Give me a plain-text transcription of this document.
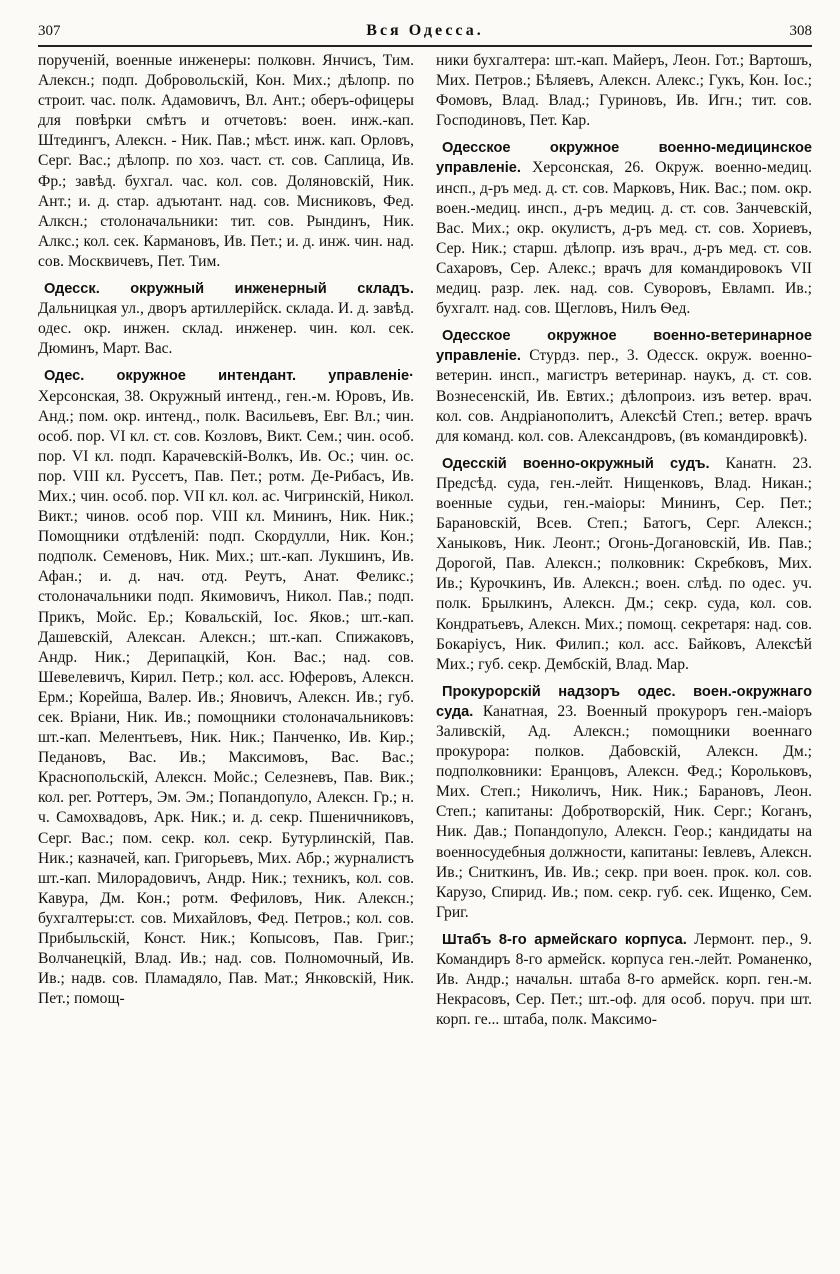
307	Вся Одесса.	308

порученій, военные инженеры: полковн. Янчисъ, Тим. Алексн.; подп. Добровольскій, Кон. Мих.; дѣлопр. по строит. час. полк. Адамовичъ, Вл. Ант.; оберъ-офицеры для повѣрки смѣтъ и отчетовъ: воен. инж.-кап. Штедингъ, Алексн. - Ник. Пав.; мѣст. инж. кап. Орловъ, Серг. Вас.; дѣлопр. по хоз. част. ст. сов. Саплица, Ив. Фр.; завѣд. бухгал. час. кол. сов. Доляновскій, Ник. Ант.; и. д. стар. адъютант. над. сов. Мисниковъ, Фед. Алксн.; столоначальники: тит. сов. Рындинъ, Ник. Алкс.; кол. сек. Кармановъ, Ив. Пет.; и. д. инж. чин. над. сов. Москвичевъ, Пет. Тим.

Одесск. окружный инженерный складъ. Дальницкая ул., дворъ артиллерійск. склада. И. д. завѣд. одес. окр. инжен. склад. инженер. чин. кол. сек. Дюминъ, Март. Вас.

Одес. окружное интендант. управленіе· Херсонская, 38. Окружный интенд., ген.-м. Юровъ, Ив. Анд.; пом. окр. интенд., полк. Васильевъ, Евг. Вл.; чин. особ. пор. VI кл. ст. сов. Козловъ, Викт. Сем.; чин. особ. пор. VI кл. подп. Карачевскій-Волкъ, Ив. Ос.; чин. ос. пор. VIII кл. Руссетъ, Пав. Пет.; ротм. Де-Рибасъ, Ив. Мих.; чин. особ. пор. VII кл. кол. ас. Чигринскій, Никол. Викт.; чинов. особ пор. VIII кл. Мининъ, Ник. Ник.; Помощники отдѣленій: подп. Скордулли, Ник. Кон.; подполк. Семеновъ, Ник. Мих.; шт.-кап. Лукшинъ, Ив. Афан.; и. д. нач. отд. Реутъ, Анат. Феликс.; столоначальники подп. Якимовичъ, Никол. Пав.; подп. Прикъ, Мойс. Ер.; Ковальскій, Іос. Яков.; шт.-кап. Дашевскій, Алексан. Алексн.; шт.-кап. Спижаковъ, Андр. Ник.; Дерипацкій, Кон. Вас.; над. сов. Шевелевичъ, Кирил. Петр.; кол. асс. Юферовъ, Алексн. Ерм.; Корейша, Валер. Ив.; Яновичъ, Алексн. Ив.; губ. сек. Вріани, Ник. Ив.; помощники столоначальниковъ: шт.-кап. Мелентьевъ, Ник. Ник.; Панченко, Ив. Кир.; Педановъ, Вас. Ив.; Максимовъ, Вас. Вас.; Краснопольскій, Алексн. Мойс.; Селезневъ, Пав. Вик.; кол. рег. Роттеръ, Эм. Эм.; Попандопуло, Алексн. Гр.; н. ч. Самохвадовъ, Арк. Ник.; и. д. секр. Пшеничниковъ, Серг. Вас.; пом. секр. кол. секр. Бутурлинскій, Пав. Ник.; казначей, кап. Григорьевъ, Мих. Абр.; журналистъ шт.-кап. Милорадовичъ, Андр. Ник.; техникъ, кол. сов. Кавура, Дм. Кон.; ротм. Фефиловъ, Ник. Алексн.; бухгалтеры:ст. сов. Михайловъ, Фед. Петров.; кол. сов. Прибыльскій, Конст. Ник.; Копысовъ, Пав. Григ.; Волчанецкій, Влад. Ив.; над. сов. Полномочный, Ив. Ив.; надв. сов. Пламадяло, Пав. Мат.; Янковскій, Ник. Пет.; помощ-

ники бухгалтера: шт.-кап. Майеръ, Леон. Гот.; Вартошъ, Мих. Петров.; Бѣляевъ, Алексн. Алекс.; Гукъ, Кон. Іос.; Фомовъ, Влад. Влад.; Гуриновъ, Ив. Игн.; тит. сов. Господиновъ, Пет. Кар.

Одесское окружное военно-медицинское управленіе. Херсонская, 26. Окруж. военно-медиц. инсп., д-ръ мед. д. ст. сов. Марковъ, Ник. Вас.; пом. окр. воен.-медиц. инсп., д-ръ медиц. д. ст. сов. Занчевскій, Вас. Мих.; окр. окулистъ, д-ръ мед. ст. сов. Хориевъ, Сер. Ник.; старш. дѣлопр. изъ врач., д-ръ мед. ст. сов. Сахаровъ, Сер. Алекс.; врачъ для командировокъ VII медиц. разр. лек. над. сов. Суворовъ, Евламп. Ив.; бухгалт. над. сов. Щегловъ, Нилъ Ѳед.

Одесское окружное военно-ветеринарное управленіе. Стурдз. пер., 3. Одесск. окруж. военно-ветерин. инсп., магистръ ветеринар. наукъ, д. ст. сов. Вознесенскій, Ив. Евтих.; дѣлопроиз. изъ ветер. врач. кол. сов. Андріанополитъ, Алексѣй Степ.; ветер. врачъ для команд. кол. сов. Александровъ, (въ командировкѣ).

Одесскій военно-окружный судъ. Канатн. 23. Предсѣд. суда, ген.-лейт. Нищенковъ, Влад. Никан.; военные судьи, ген.-маіоры: Мининъ, Сер. Пет.; Барановскій, Всев. Степ.; Батогъ, Серг. Алексн.; Ханыковъ, Ник. Леонт.; Огонь-Догановскій, Ив. Пав.; Дорогой, Пав. Алексн.; полковник: Скребковъ, Мих. Ив.; Курочкинъ, Ив. Алексн.; воен. слѣд. по одес. уч. полк. Брылкинъ, Алексн. Дм.; секр. суда, кол. сов. Кондратьевъ, Алексн. Мих.; помощ. секретаря: над. сов. Бокаріусъ, Ник. Филип.; кол. асс. Байковъ, Алексѣй Мих.; губ. секр. Дембскій, Влад. Мар.

Прокурорскій надзоръ одес. воен.-окружнаго суда. Канатная, 23. Военный прокуроръ ген.-маіоръ Заливскій, Ад. Алексн.; помощники военнаго прокурора: полков. Дабовскій, Алексн. Дм.; подполковники: Еранцовъ, Алексн. Фед.; Корольковъ, Мих. Степ.; Николичъ, Ник. Ник.; Барановъ, Леон. Степ.; капитаны: Добротворскій, Ник. Серг.; Коганъ, Ник. Дав.; Попандопуло, Алексн. Геор.; кандидаты на военносудебныя должности, капитаны: Іевлевъ, Алексн. Ив.; Сниткинъ, Ив. Ив.; секр. при воен. прок. кол. сов. Карузо, Спирид. Ив.; пом. секр. губ. сек. Ищенко, Сем. Григ.

Штабъ 8-го армейскаго корпуса. Лермонт. пер., 9. Командиръ 8-го армейск. корпуса ген.-лейт. Романенко, Ив. Андр.; начальн. штаба 8-го армейск. корп. ген.-м. Некрасовъ, Сер. Пет.; шт.-оф. для особ. поруч. при шт. корп. ге... штаба, полк. Максимо-
